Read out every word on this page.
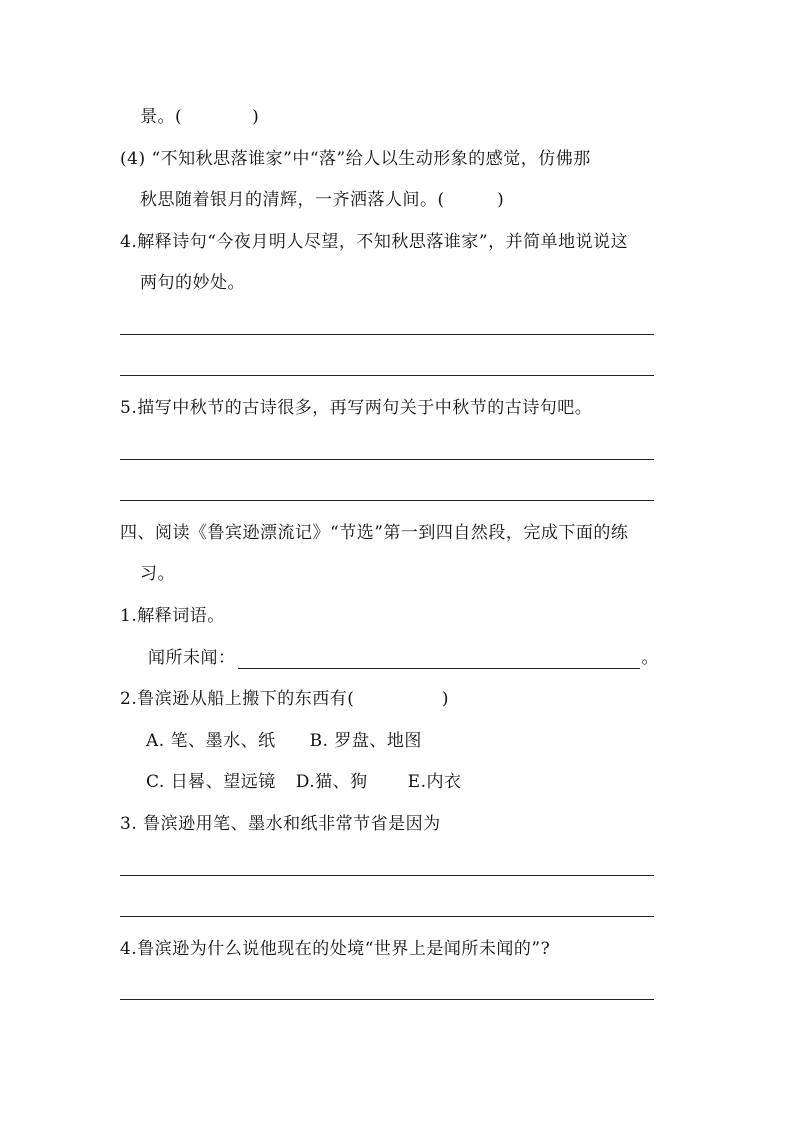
景。(　　　　)
(4) “不知秋思落谁家”中“落”给人以生动形象的感觉，仿佛那
秋思随着银月的清辉，一齐洒落人间。(　　　)
4.解释诗句“今夜月明人尽望，不知秋思落谁家”，并简单地说说这
两句的妙处。
5.描写中秋节的古诗很多，再写两句关于中秋节的古诗句吧。
四、阅读《鲁宾逊漂流记》“节选”第一到四自然段，完成下面的练
习。
1.解释词语。
闻所未闻：	。
2.鲁滨逊从船上搬下的东西有(　　　　　)
A. 笔、墨水、纸 B. 罗盘、地图
C. 日晷、望远镜 D.猫、狗 E.内衣
3. 鲁滨逊用笔、墨水和纸非常节省是因为
4.鲁滨逊为什么说他现在的处境“世界上是闻所未闻的”?
